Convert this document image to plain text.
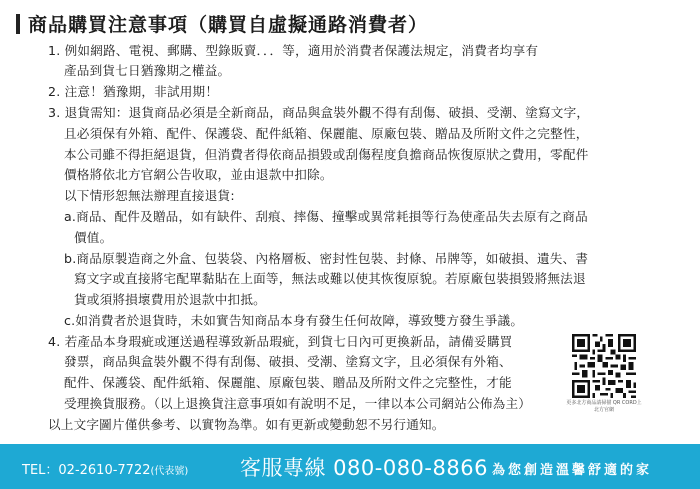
商品購買注意事項（購買自虛擬通路消費者）
1. 例如網路、電視、郵購、型錄販賣．．．等，適用於消費者保護法規定，消費者均享有
產品到貨七日猶豫期之權益。
2. 注意！猶豫期，非試用期！
3. 退貨需知：退貨商品必須是全新商品，商品與盒裝外觀不得有刮傷、破損、受潮、塗寫文字，
且必須保有外箱、配件、保護袋、配件紙箱、保麗龍、原廠包裝、贈品及所附文件之完整性，
本公司雖不得拒絕退貨，但消費者得依商品損毀或刮傷程度負擔商品恢復原狀之費用，零配件
價格將依北方官網公告收取，並由退款中扣除。
以下情形恕無法辦理直接退貨:
a.商品、配件及贈品，如有缺件、刮痕、摔傷、撞擊或異常耗損等行為使產品失去原有之商品
價值。
b.商品原製造商之外盒、包裝袋、內格層板、密封性包裝、封條、吊牌等，如破損、遺失、書
寫文字或直接將宅配單黏貼在上面等，無法或難以使其恢復原貌。若原廠包裝損毀將無法退
貨或須將損壞費用於退款中扣抵。
c.如消費者於退貨時，未如實告知商品本身有發生任何故障，導致雙方發生爭議。
4. 若產品本身瑕疵或運送過程導致新品瑕疵，到貨七日內可更換新品，請備妥購買
發票，商品與盒裝外觀不得有刮傷、破損、受潮、塗寫文字，且必須保有外箱、
配件、保護袋、配件紙箱、保麗龍、原廠包裝、贈品及所附文件之完整性，才能
受理換貨服務。（以上退換貨注意事項如有說明不足，一律以本公司網站公佈為主）
以上文字圖片僅供參考、以實物為準。如有更新或變動恕不另行通知。
更多北方商品請掃描 QR CORD上北方官網
TEL：02-2610-7722(代表號) 客服專線 080-080-8866 為您創造溫馨舒適的家
